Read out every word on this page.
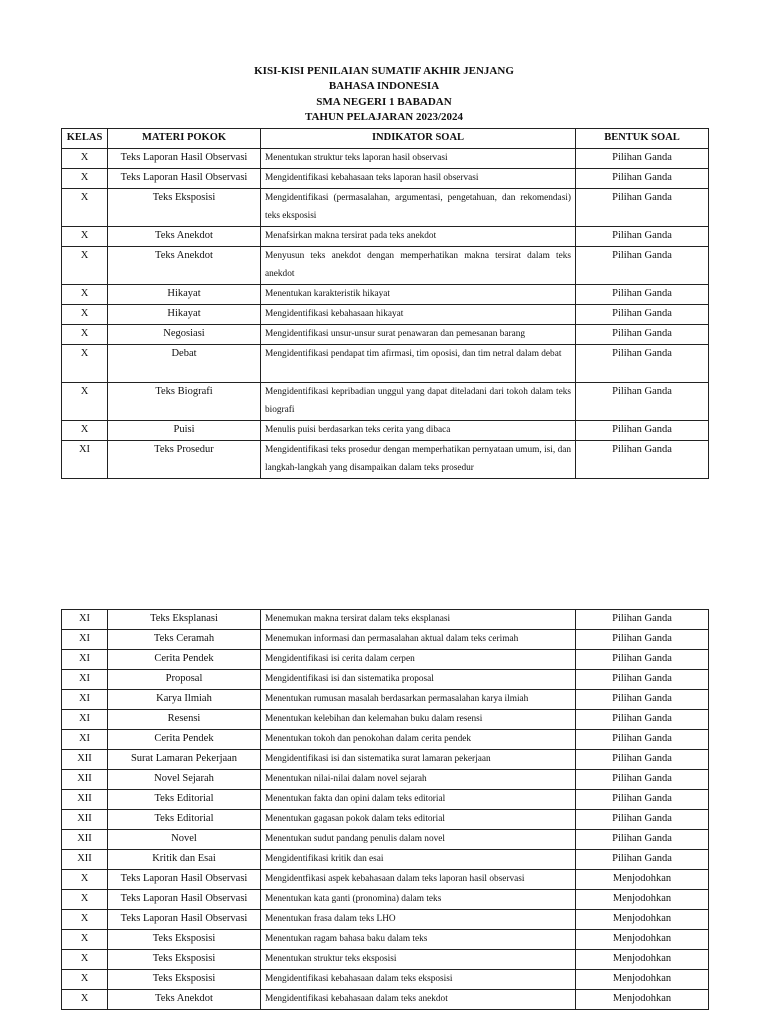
KISI-KISI PENILAIAN SUMATIF AKHIR JENJANG
BAHASA INDONESIA
SMA NEGERI 1 BABADAN
TAHUN PELAJARAN 2023/2024
KELAS	MATERI POKOK	INDIKATOR SOAL	BENTUK SOAL
X	Teks Laporan Hasil Observasi	Menentukan struktur teks laporan hasil observasi	Pilihan Ganda
X	Teks Laporan Hasil Observasi	Mengidentifikasi kebahasaan teks laporan hasil observasi	Pilihan Ganda
X	Teks Eksposisi	Mengidentifikasi (permasalahan, argumentasi, pengetahuan, dan rekomendasi) teks eksposisi	Pilihan Ganda
X	Teks Anekdot	Menafsirkan makna tersirat pada teks anekdot	Pilihan Ganda
X	Teks Anekdot	Menyusun teks anekdot dengan memperhatikan makna tersirat dalam teks anekdot	Pilihan Ganda
X	Hikayat	Menentukan karakteristik hikayat	Pilihan Ganda
X	Hikayat	Mengidentifikasi kebahasaan hikayat	Pilihan Ganda
X	Negosiasi	Mengidentifikasi unsur-unsur surat penawaran dan pemesanan barang	Pilihan Ganda
X	Debat	Mengidentifikasi pendapat tim afirmasi, tim oposisi, dan tim netral dalam debat	Pilihan Ganda
X	Teks Biografi	Mengidentifikasi kepribadian unggul yang dapat diteladani dari tokoh dalam teks biografi	Pilihan Ganda
X	Puisi	Menulis puisi berdasarkan teks cerita yang dibaca	Pilihan Ganda
XI	Teks Prosedur	Mengidentifikasi teks prosedur dengan memperhatikan pernyataan umum, isi, dan langkah-langkah yang disampaikan dalam teks prosedur	Pilihan Ganda
XI	Teks Eksplanasi	Menemukan makna tersirat dalam teks eksplanasi	Pilihan Ganda
XI	Teks Ceramah	Menemukan informasi dan permasalahan aktual dalam teks cerimah	Pilihan Ganda
XI	Cerita Pendek	Mengidentifikasi isi cerita dalam cerpen	Pilihan Ganda
XI	Proposal	Mengidentifikasi isi dan sistematika proposal	Pilihan Ganda
XI	Karya Ilmiah	Menentukan rumusan masalah berdasarkan permasalahan karya ilmiah	Pilihan Ganda
XI	Resensi	Menentukan kelebihan dan kelemahan buku dalam resensi	Pilihan Ganda
XI	Cerita Pendek	Menentukan tokoh dan penokohan dalam cerita pendek	Pilihan Ganda
XII	Surat Lamaran Pekerjaan	Mengidentifikasi isi dan sistematika surat lamaran pekerjaan	Pilihan Ganda
XII	Novel Sejarah	Menentukan nilai-nilai dalam novel sejarah	Pilihan Ganda
XII	Teks Editorial	Menentukan fakta dan opini dalam teks editorial	Pilihan Ganda
XII	Teks Editorial	Menentukan gagasan pokok dalam teks editorial	Pilihan Ganda
XII	Novel	Menentukan sudut pandang penulis dalam novel	Pilihan Ganda
XII	Kritik dan Esai	Mengidentifikasi kritik dan esai	Pilihan Ganda
X	Teks Laporan Hasil Observasi	Mengidentfikasi aspek kebahasaan dalam teks laporan hasil observasi	Menjodohkan
X	Teks Laporan Hasil Observasi	Menentukan kata ganti (pronomina) dalam teks	Menjodohkan
X	Teks Laporan Hasil Observasi	Menentukan frasa dalam teks LHO	Menjodohkan
X	Teks Eksposisi	Menentukan ragam bahasa baku dalam teks	Menjodohkan
X	Teks Eksposisi	Menentukan struktur teks eksposisi	Menjodohkan
X	Teks Eksposisi	Mengidentifikasi kebahasaan dalam teks eksposisi	Menjodohkan
X	Teks Anekdot	Mengidentifikasi kebahasaan dalam teks anekdot	Menjodohkan
